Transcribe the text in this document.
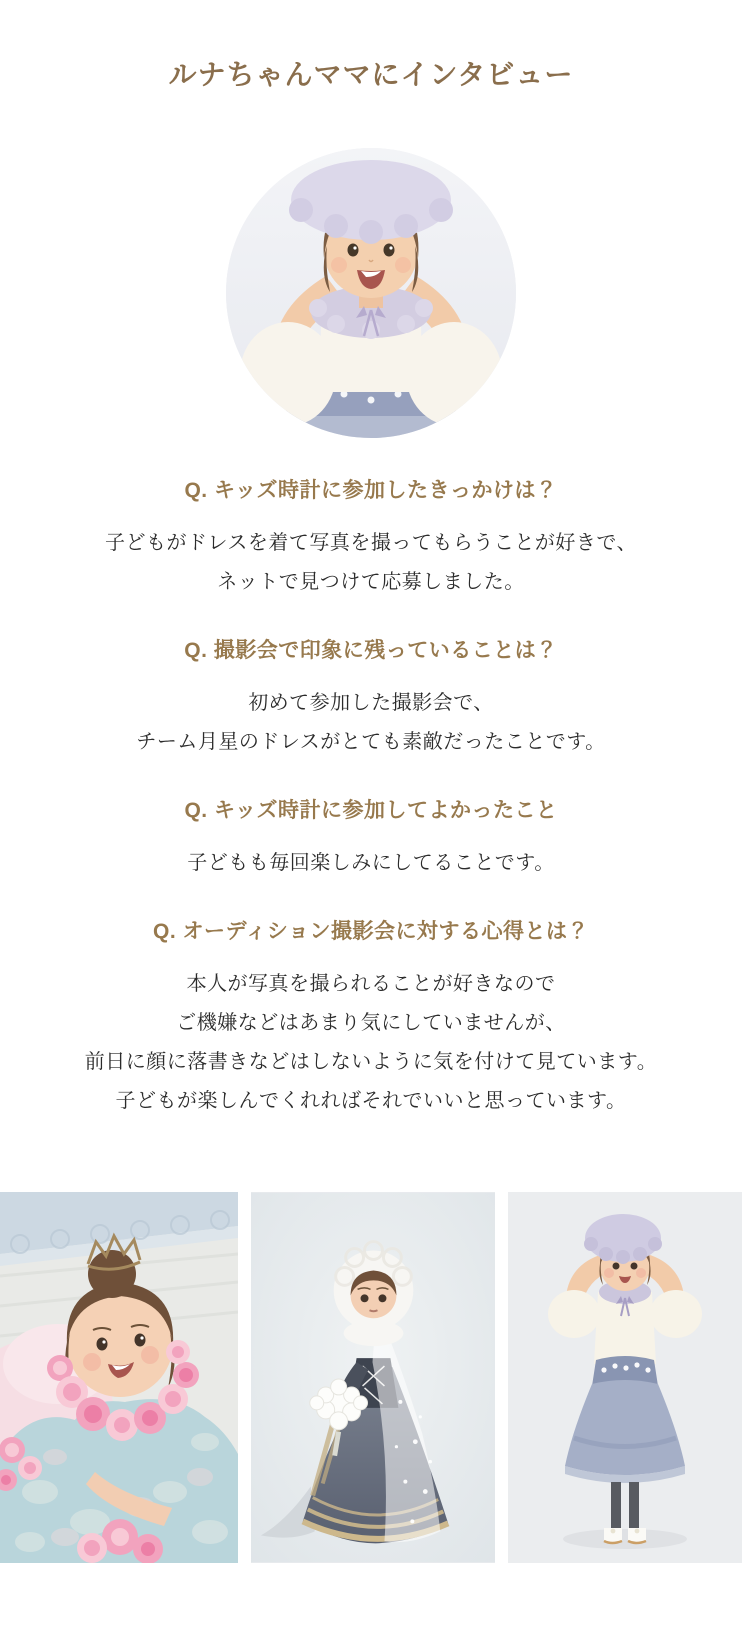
ルナちゃんママにインタビュー
Q. キッズ時計に参加したきっかけは？

子どもがドレスを着て写真を撮ってもらうことが好きで、

ネットで見つけて応募しました。

Q. 撮影会で印象に残っていることは？

初めて参加した撮影会で、

チーム月星のドレスがとても素敵だったことです。

Q. キッズ時計に参加してよかったこと

子どもも毎回楽しみにしてることです。

Q. オーディション撮影会に対する心得とは？

本人が写真を撮られることが好きなので

ご機嫌などはあまり気にしていませんが、

前日に顔に落書きなどはしないように気を付けて見ています。

子どもが楽しんでくれればそれでいいと思っています。
